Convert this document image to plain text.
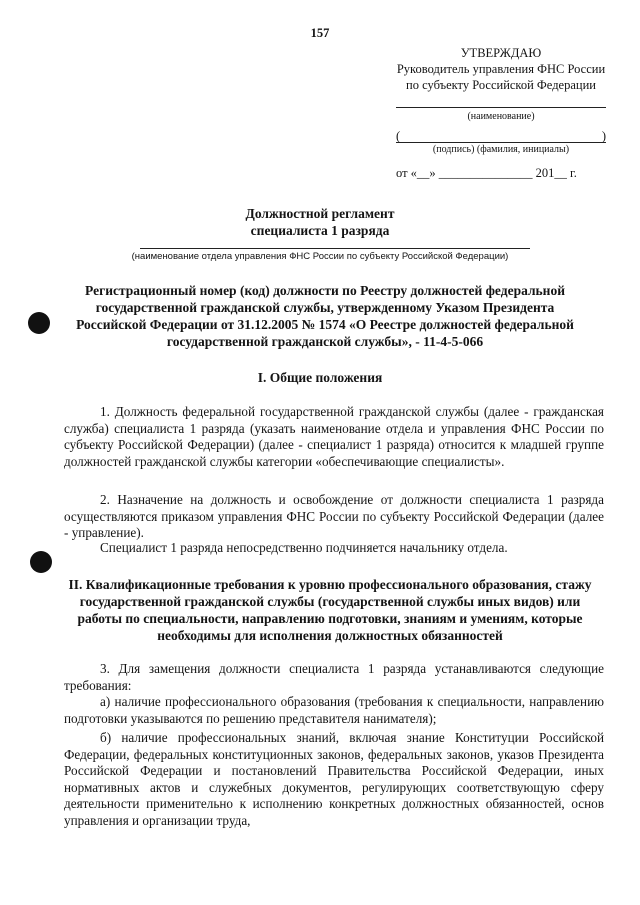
157
УТВЕРЖДАЮ
Руководитель управления ФНС России
по субъекту Российской Федерации
(наименование)
(	)
(подпись) (фамилия, инициалы)
от «__» _______________ 201__ г.
Должностной регламент
специалиста 1 разряда
(наименование отдела управления ФНС России по субъекту Российской Федерации)
Регистрационный номер (код) должности по Реестру должностей федеральной государственной гражданской службы, утвержденному Указом Президента Российской Федерации от 31.12.2005 № 1574 «О Реестре должностей федеральной государственной гражданской службы», - 11-4-5-066
I. Общие положения

1. Должность федеральной государственной гражданской службы (далее - гражданская служба) специалиста 1 разряда (указать наименование отдела и управления ФНС России по субъекту Российской Федерации) (далее - специалист 1 разряда) относится к младшей группе должностей гражданской службы категории «обеспечивающие специалисты».

2. Назначение на должность и освобождение от должности специалиста 1 разряда осуществляются приказом управления ФНС России по субъекту Российской Федерации (далее - управление).

Специалист 1 разряда непосредственно подчиняется начальнику отдела.

II. Квалификационные требования к уровню профессионального образования, стажу государственной гражданской службы (государственной службы иных видов) или работы по специальности, направлению подготовки, знаниям и умениям, которые необходимы для исполнения должностных обязанностей

3. Для замещения должности специалиста 1 разряда устанавливаются следующие требования:

а) наличие профессионального образования (требования к специальности, направлению подготовки указываются по решению представителя нанимателя);

б) наличие профессиональных знаний, включая знание Конституции Российской Федерации, федеральных конституционных законов, федеральных законов, указов Президента Российской Федерации и постановлений Правительства Российской Федерации, иных нормативных актов и служебных документов, регулирующих соответствующую сферу деятельности применительно к исполнению конкретных должностных обязанностей, основ управления и организации труда,
